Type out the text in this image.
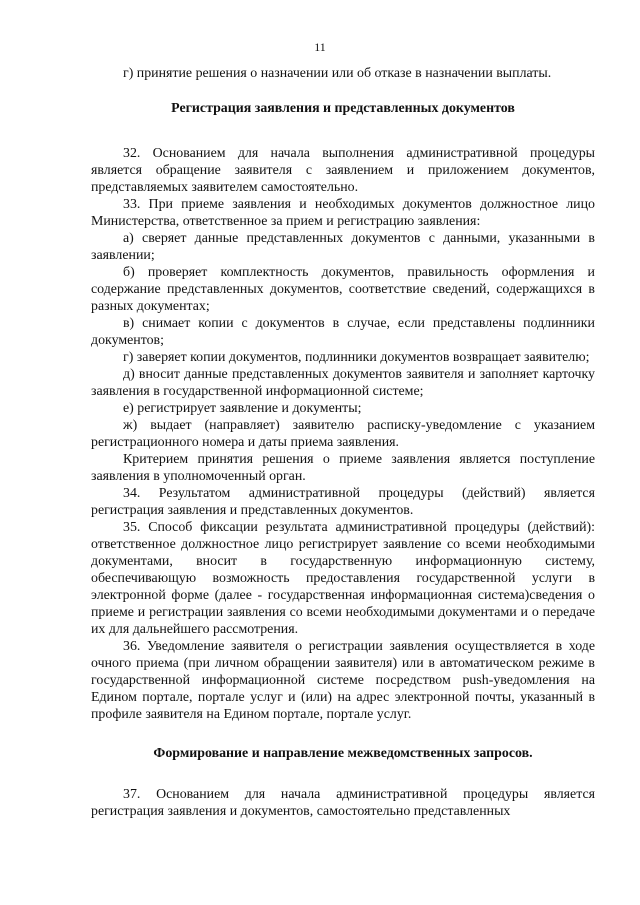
11

г) принятие решения о назначении или об отказе в назначении выплаты.

Регистрация заявления и представленных документов

32. Основанием для начала выполнения административной процедуры является обращение заявителя с заявлением и приложением документов, представляемых заявителем самостоятельно.

33. При приеме заявления и необходимых документов должностное лицо Министерства, ответственное за прием и регистрацию заявления:

а) сверяет данные представленных документов с данными, указанными в заявлении;

б) проверяет комплектность документов, правильность оформления и содержание представленных документов, соответствие сведений, содержащихся в разных документах;

в) снимает копии с документов в случае, если представлены подлинники документов;

г) заверяет копии документов, подлинники документов возвращает заявителю;

д) вносит данные представленных документов заявителя и заполняет карточку заявления в государственной информационной системе;

е) регистрирует заявление и документы;

ж) выдает (направляет) заявителю расписку-уведомление с указанием регистрационного номера и даты приема заявления.

Критерием принятия решения о приеме заявления является поступление заявления в уполномоченный орган.

34. Результатом административной процедуры (действий) является регистрация заявления и представленных документов.

35. Способ фиксации результата административной процедуры (действий): ответственное должностное лицо регистрирует заявление со всеми необходимыми документами, вносит в государственную информационную систему, обеспечивающую возможность предоставления государственной услуги в электронной форме (далее - государственная информационная система)сведения о приеме и регистрации заявления со всеми необходимыми документами и о передаче их для дальнейшего рассмотрения.

36. Уведомление заявителя о регистрации заявления осуществляется в ходе очного приема (при личном обращении заявителя) или в автоматическом режиме в государственной информационной системе посредством push-уведомления на Едином портале, портале услуг и (или) на адрес электронной почты, указанный в профиле заявителя на Едином портале, портале услуг.

Формирование и направление межведомственных запросов.

37. Основанием для начала административной процедуры является регистрация заявления и документов, самостоятельно представленных
